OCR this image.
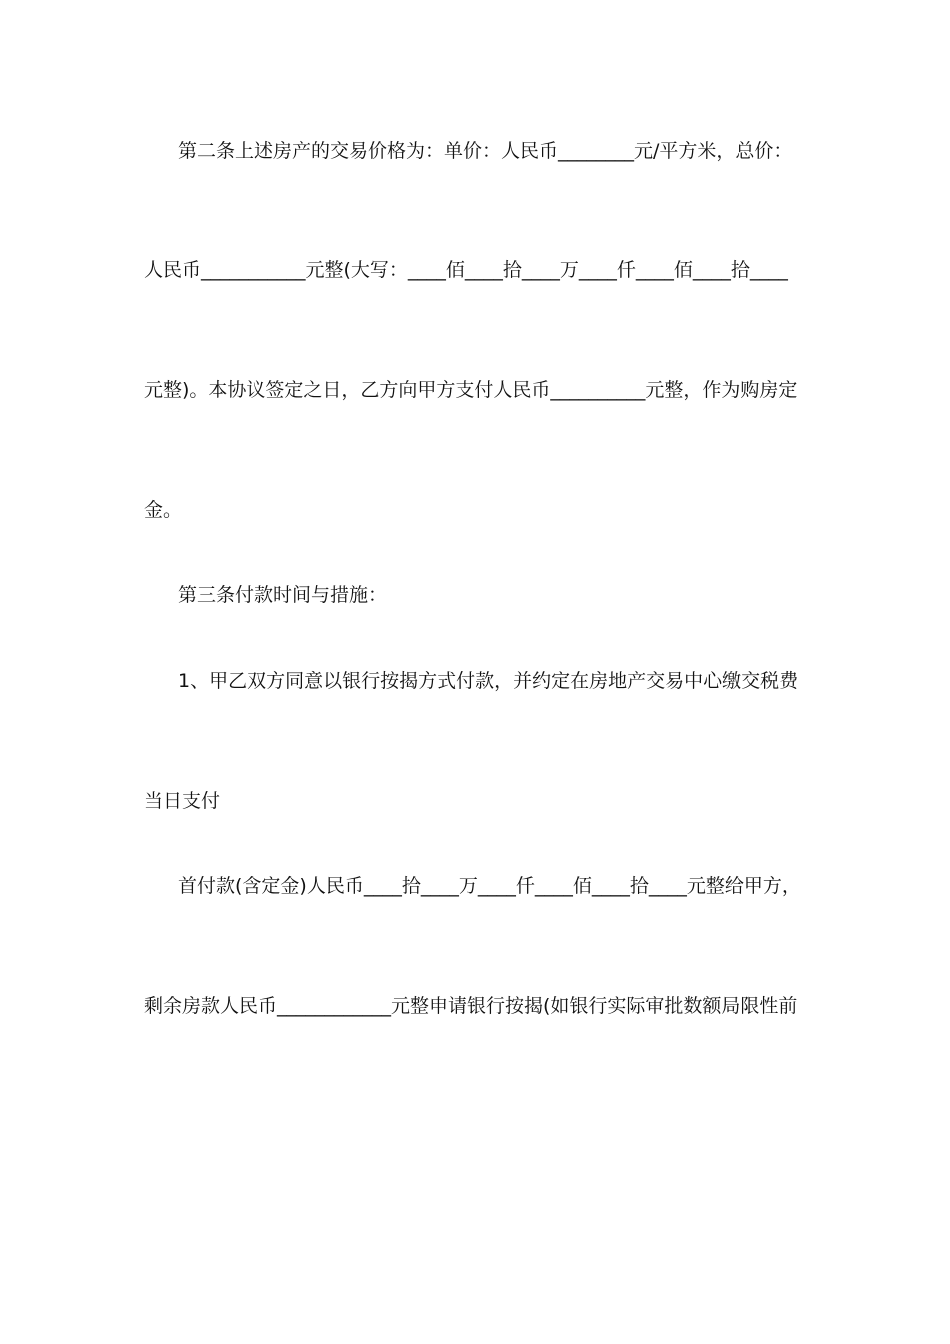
第二条上述房产的交易价格为：单价：人民币________元/平方米，总价：
人民币___________元整(大写：____佰____拾____万____仟____佰____拾____
元整)。本协议签定之日，乙方向甲方支付人民币__________元整，作为购房定
金。
第三条付款时间与措施：
1、甲乙双方同意以银行按揭方式付款，并约定在房地产交易中心缴交税费
当日支付
首付款(含定金)人民币____拾____万____仟____佰____拾____元整给甲方，
剩余房款人民币____________元整申请银行按揭(如银行实际审批数额局限性前
